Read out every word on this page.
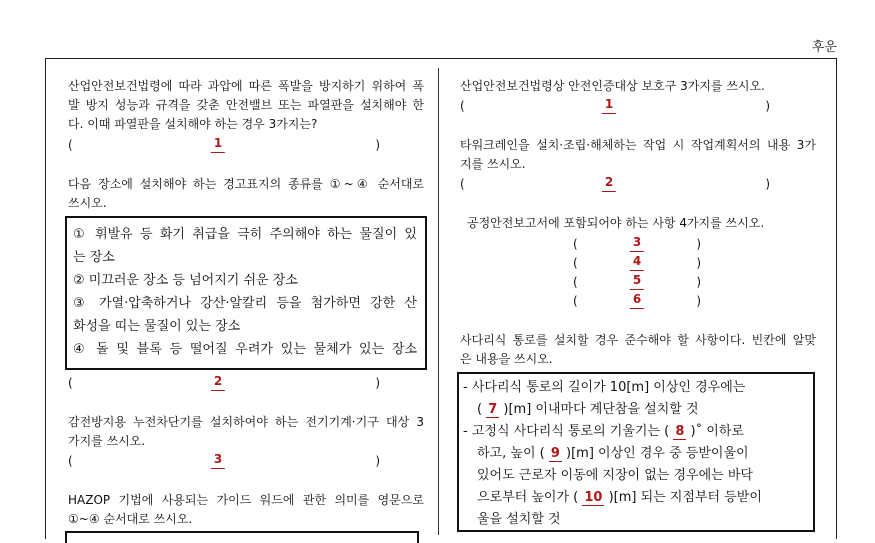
후운
산업안전보건법령에 따라 과압에 따른 폭발을 방지하기 위하여 폭
발 방지 성능과 규격을 갖춘 안전밸브 또는 파열판을 설치해야 한
다. 이때 파열판을 설치해야 하는 경우 3가지는?
(	1	)
다음 장소에 설치해야 하는 경고표지의 종류를 ①~④ 순서대로
쓰시오.
① 휘발유 등 화기 취급을 극히 주의해야 하는 물질이 있
는 장소
② 미끄러운 장소 등 넘어지기 쉬운 장소
③ 가열·압축하거나 강산·알칼리 등을 첨가하면 강한 산
화성을 띠는 물질이 있는 장소
④ 돌 및 블록 등 떨어질 우려가 있는 물체가 있는 장소
(	2	)
감전방지용 누전차단기를 설치하여야 하는 전기기계·기구 대상 3
가지를 쓰시오.
(	3	)
HAZOP 기법에 사용되는 가이드 워드에 관한 의미를 영문으로
①~④ 순서대로 쓰시오.
산업안전보건법령상 안전인증대상 보호구 3가지를 쓰시오.
(	1	)
타워크레인을 설치·조립·해체하는 작업 시 작업계획서의 내용 3가
지를 쓰시오.
(	2	)
공정안전보고서에 포함되어야 하는 사항 4가지를 쓰시오.
(	3	)
(	4	)
(	5	)
(	6	)
사다리식 통로를 설치할 경우 준수해야 할 사항이다. 빈칸에 알맞
은 내용을 쓰시오.
- 사다리식 통로의 길이가 10[m] 이상인 경우에는
( 7 )[m] 이내마다 계단참을 설치할 것
- 고정식 사다리식 통로의 기울기는 ( 8 )˚ 이하로
하고, 높이 ( 9 )[m] 이상인 경우 중 등받이울이
있어도 근로자 이동에 지장이 없는 경우에는 바닥
으로부터 높이가 ( 10 )[m] 되는 지점부터 등받이
울을 설치할 것
